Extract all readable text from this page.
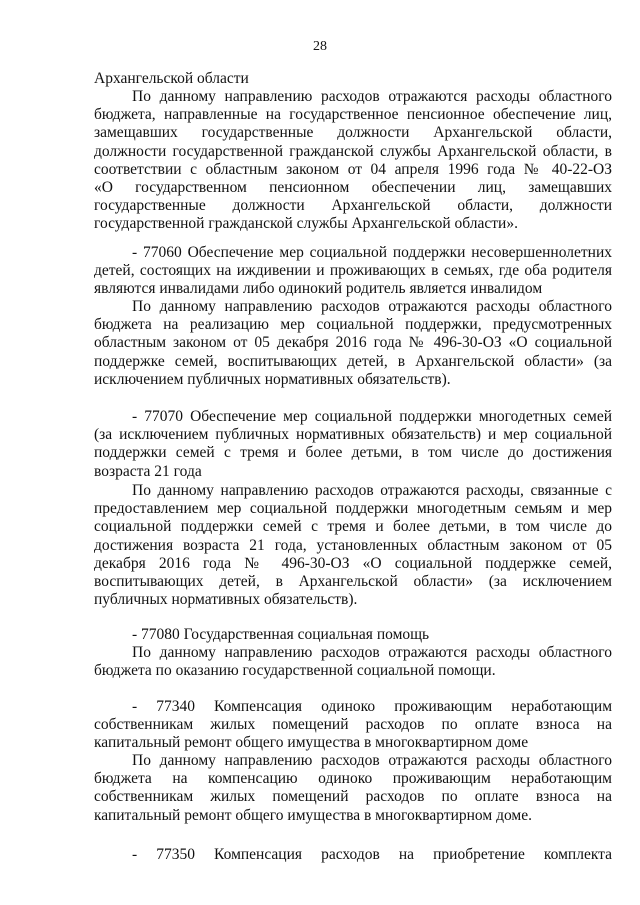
28
Архангельской области
По данному направлению расходов отражаются расходы областного
бюджета, направленные на государственное пенсионное обеспечение лиц,
замещавших государственные должности Архангельской области,
должности государственной гражданской службы Архангельской области, в
соответствии с областным законом от 04 апреля 1996 года № 40-22-ОЗ
«О государственном пенсионном обеспечении лиц, замещавших
государственные должности Архангельской области, должности
государственной гражданской службы Архангельской области».
- 77060 Обеспечение мер социальной поддержки несовершеннолетних
детей, состоящих на иждивении и проживающих в семьях, где оба родителя
являются инвалидами либо одинокий родитель является инвалидом
По данному направлению расходов отражаются расходы областного
бюджета на реализацию мер социальной поддержки, предусмотренных
областным законом от 05 декабря 2016 года № 496-30-ОЗ «О социальной
поддержке семей, воспитывающих детей, в Архангельской области» (за
исключением публичных нормативных обязательств).
- 77070 Обеспечение мер социальной поддержки многодетных семей
(за исключением публичных нормативных обязательств) и мер социальной
поддержки семей с тремя и более детьми, в том числе до достижения
возраста 21 года
По данному направлению расходов отражаются расходы, связанные с
предоставлением мер социальной поддержки многодетным семьям и мер
социальной поддержки семей с тремя и более детьми, в том числе до
достижения возраста 21 года, установленных областным законом от 05
декабря 2016 года № 496-30-ОЗ «О социальной поддержке семей,
воспитывающих детей, в Архангельской области» (за исключением
публичных нормативных обязательств).
- 77080 Государственная социальная помощь
По данному направлению расходов отражаются расходы областного
бюджета по оказанию государственной социальной помощи.
- 77340 Компенсация одиноко проживающим неработающим
собственникам жилых помещений расходов по оплате взноса на
капитальный ремонт общего имущества в многоквартирном доме
По данному направлению расходов отражаются расходы областного
бюджета на компенсацию одиноко проживающим неработающим
собственникам жилых помещений расходов по оплате взноса на
капитальный ремонт общего имущества в многоквартирном доме.
- 77350 Компенсация расходов на приобретение комплекта
